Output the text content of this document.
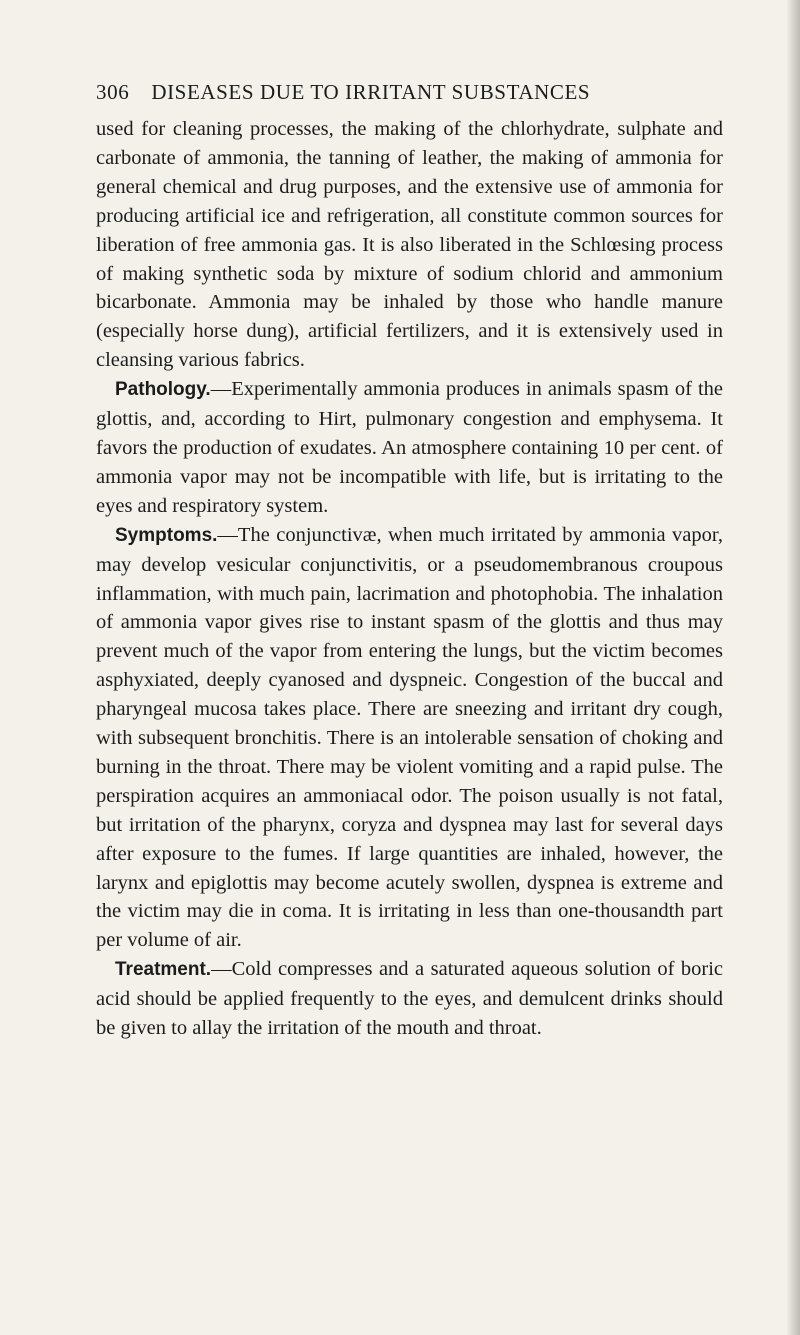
306 DISEASES DUE TO IRRITANT SUBSTANCES

used for cleaning processes, the making of the chlorhydrate, sulphate and carbonate of ammonia, the tanning of leather, the making of ammonia for general chemical and drug purposes, and the extensive use of ammonia for producing artificial ice and refrigeration, all constitute common sources for liberation of free ammonia gas. It is also liberated in the Schlœsing process of making synthetic soda by mixture of sodium chlorid and ammonium bicarbonate. Ammonia may be inhaled by those who handle manure (especially horse dung), artificial fertilizers, and it is extensively used in cleansing various fabrics.

Pathology.—Experimentally ammonia produces in animals spasm of the glottis, and, according to Hirt, pulmonary congestion and emphysema. It favors the production of exudates. An atmosphere containing 10 per cent. of ammonia vapor may not be incompatible with life, but is irritating to the eyes and respiratory system.

Symptoms.—The conjunctivæ, when much irritated by ammonia vapor, may develop vesicular conjunctivitis, or a pseudomembranous croupous inflammation, with much pain, lacrimation and photophobia. The inhalation of ammonia vapor gives rise to instant spasm of the glottis and thus may prevent much of the vapor from entering the lungs, but the victim becomes asphyxiated, deeply cyanosed and dyspneic. Congestion of the buccal and pharyngeal mucosa takes place. There are sneezing and irritant dry cough, with subsequent bronchitis. There is an intolerable sensation of choking and burning in the throat. There may be violent vomiting and a rapid pulse. The perspiration acquires an ammoniacal odor. The poison usually is not fatal, but irritation of the pharynx, coryza and dyspnea may last for several days after exposure to the fumes. If large quantities are inhaled, however, the larynx and epiglottis may become acutely swollen, dyspnea is extreme and the victim may die in coma. It is irritating in less than one-thousandth part per volume of air.

Treatment.—Cold compresses and a saturated aqueous solution of boric acid should be applied frequently to the eyes, and demulcent drinks should be given to allay the irritation of the mouth and throat.
